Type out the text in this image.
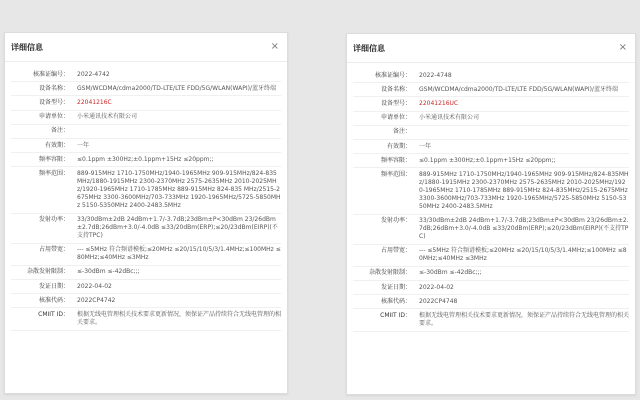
详细信息	×
核准证编号：	2022-4742
设备名称：	GSM/WCDMA/cdma2000/TD-LTE/LTE FDD/5G/WLAN(WAPI)/蓝牙终端
设备型号：	22041216C
申请单位：	小米通讯技术有限公司
备注：
有效期：	一年
频率容限：	≤0.1ppm ±300Hz;±0.1ppm+15Hz ≤20ppm;;
频率范围：	889-915MHz 1710-1750MHz/1940-1965MHz 909-915MHz/824-835MHz/1880-1915MHz 2300-2370MHz 2575-2635MHz 2010-2025MHz/1920-1965MHz 1710-1785MHz 889-915MHz 824-835 MHz/2515-2675MHz 3300-3600MHz/703-733MHz 1920-1965MHz/5725-5850MHz 5150-5350MHz 2400-2483.5MHz
发射功率：	33/30dBm±2dB 24dBm+1.7/-3.7dB;23dBm±P<30dBm 23/26dBm±2.7dB;26dBm+3.0/-4.0dB ≤33/20dBm(ERP);≤20/23dBm(EIRP)(不支持TPC)
占用带宽：	--- ≤5MHz 符合频谱模板;≤20MHz ≤20/15/10/5/3/1.4MHz;≤100MHz ≤80MHz;≤40MHz ≤3MHz
杂散发射限制：	≤-30dBm ≤-42dBc;;;
发证日期：	2022-04-02
核准代码：	2022CP4742
CMIIT ID：	根据无线电管理相关技术要求更新情况，须保证产品持续符合无线电管理的相关要求。
详细信息	×
核准证编号：	2022-4748
设备名称：	GSM/WCDMA/cdma2000/TD-LTE/LTE FDD/5G/WLAN(WAPI)/蓝牙终端
设备型号：	22041216UC
申请单位：	小米通讯技术有限公司
备注：
有效期：	一年
频率容限：	≤0.1ppm ±300Hz;±0.1ppm+15Hz ≤20ppm;;
频率范围：	889-915MHz 1710-1750MHz/1940-1965MHz 909-915MHz/824-835MHz/1880-1915MHz 2300-2370MHz 2575-2635MHz 2010-2025MHz/1920-1965MHz 1710-1785MHz 889-915MHz 824-835MHz/2515-2675MHz 3300-3600MHz/703-733MHz 1920-1965MHz/5725-5850MHz 5150-5350MHz 2400-2483.5MHz
发射功率：	33/30dBm±2dB 24dBm+1.7/-3.7dB;23dBm±P<30dBm 23/26dBm±2.7dB;26dBm+3.0/-4.0dB ≤33/20dBm(ERP);≤20/23dBm(EIRP)(不支持TPC)
占用带宽：	--- ≤5MHz 符合频谱模板;≤20MHz ≤20/15/10/5/3/1.4MHz;≤100MHz ≤80MHz;≤40MHz ≤3MHz
杂散发射限制：	≤-30dBm ≤-42dBc;;;
发证日期：	2022-04-02
核准代码：	2022CP4748
CMIIT ID：	根据无线电管理相关技术要求更新情况，须保证产品持续符合无线电管理的相关要求。
